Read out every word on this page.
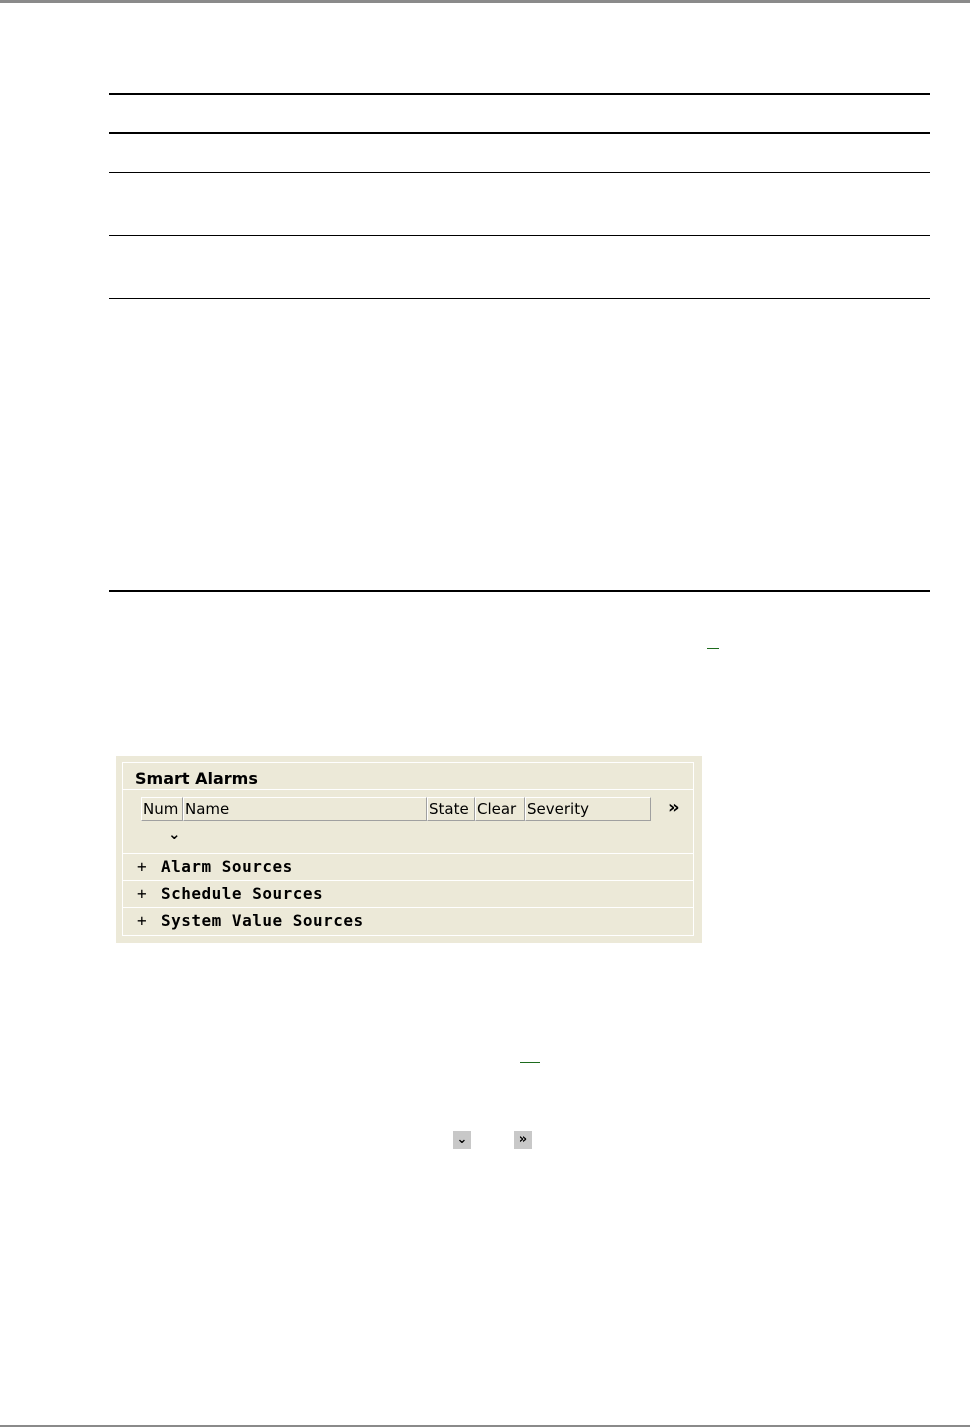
Smart Alarms
Num Name	State Clear Severity	»
⌄
+ Alarm Sources
+ Schedule Sources
+ System Value Sources
⌄	»
